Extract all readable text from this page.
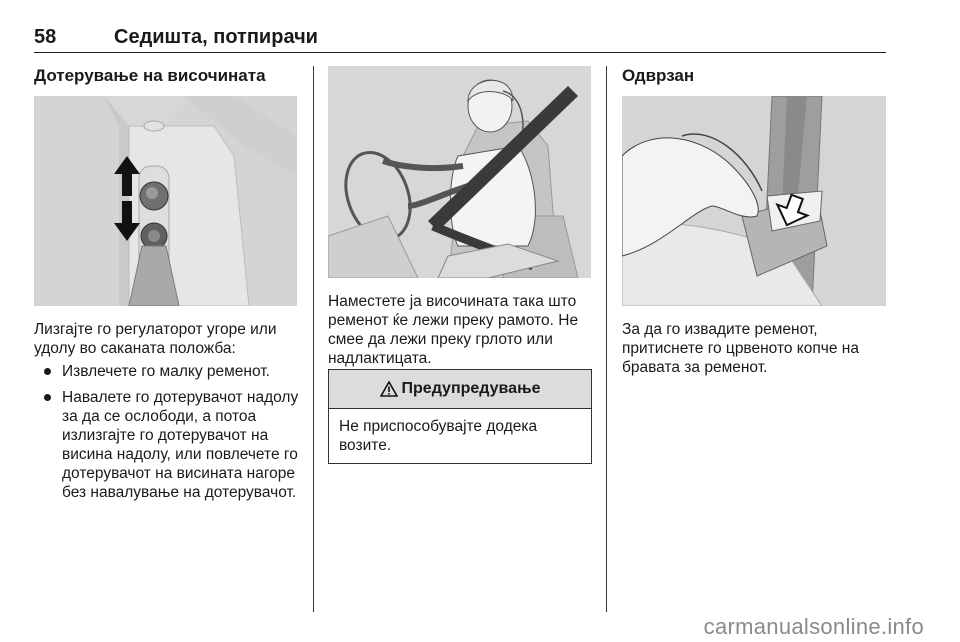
58	Седишта, потпирачи
Дотерувањe на височината

Лизгајте го регулаторот угоре или удолу во саканата положба:

Извлечете го малку ременот.
Навалете го дотерувачот надолу за да се ослободи, а потоа излизгајте го дотерувачот на висина надолу, или повлечете го дотерувачот на висината нагоре без навалување на дотерувачот.

Наместете ја височината така што ременот ќе лежи преку рамото. Не смее да лежи преку грлото или надлактицата.

Предупредување
Не приспособувајте додека возите.
Одврзан

За да го извадите ременот, притиснете го црвеното копче на бравата за ремeнот.

carmanualsonline.info
